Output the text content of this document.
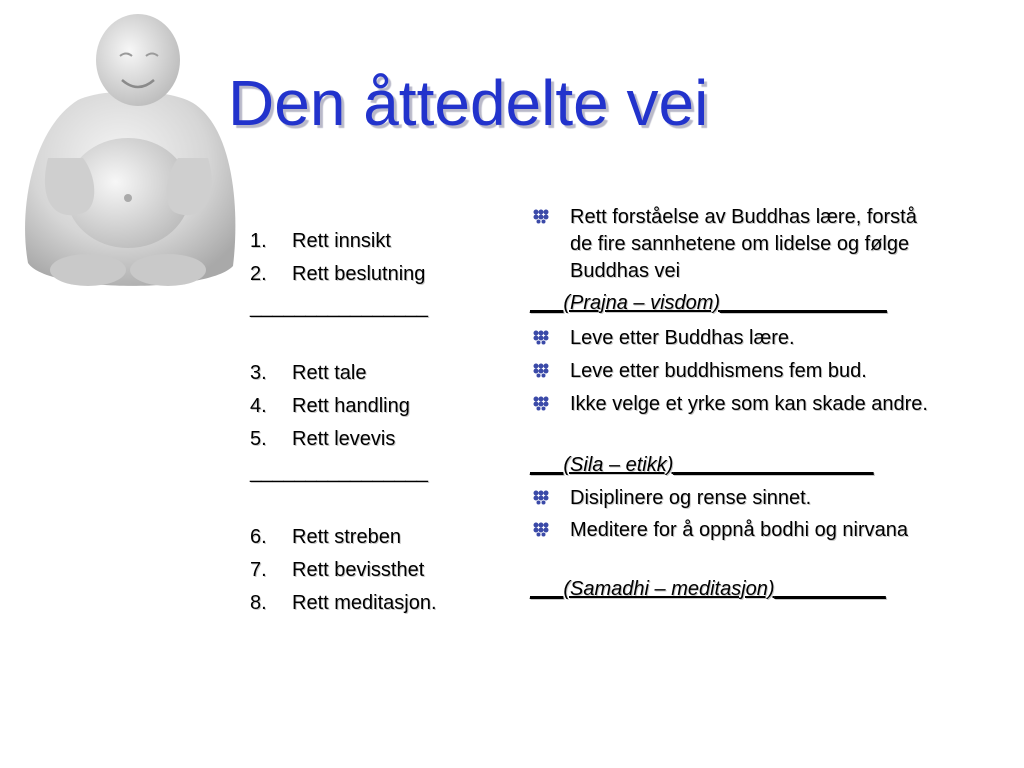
Den åttedelte vei
1.	Rett innsikt
2.	Rett beslutning
________________
3.	Rett tale
4.	Rett handling
5.	Rett levevis
________________
6.	Rett streben
7.	Rett bevissthet
8.	Rett meditasjon.
Rett forståelse av Buddhas lære, forstå de fire sannhetene om lidelse og følge Buddhas vei
___(Prajna – visdom)_______________
Leve etter Buddhas lære.
Leve etter buddhismens fem bud.
Ikke velge et yrke som kan skade andre.
___(Sila – etikk)__________________
Disiplinere og rense sinnet.
Meditere for å oppnå bodhi og nirvana
___(Samadhi – meditasjon)__________
